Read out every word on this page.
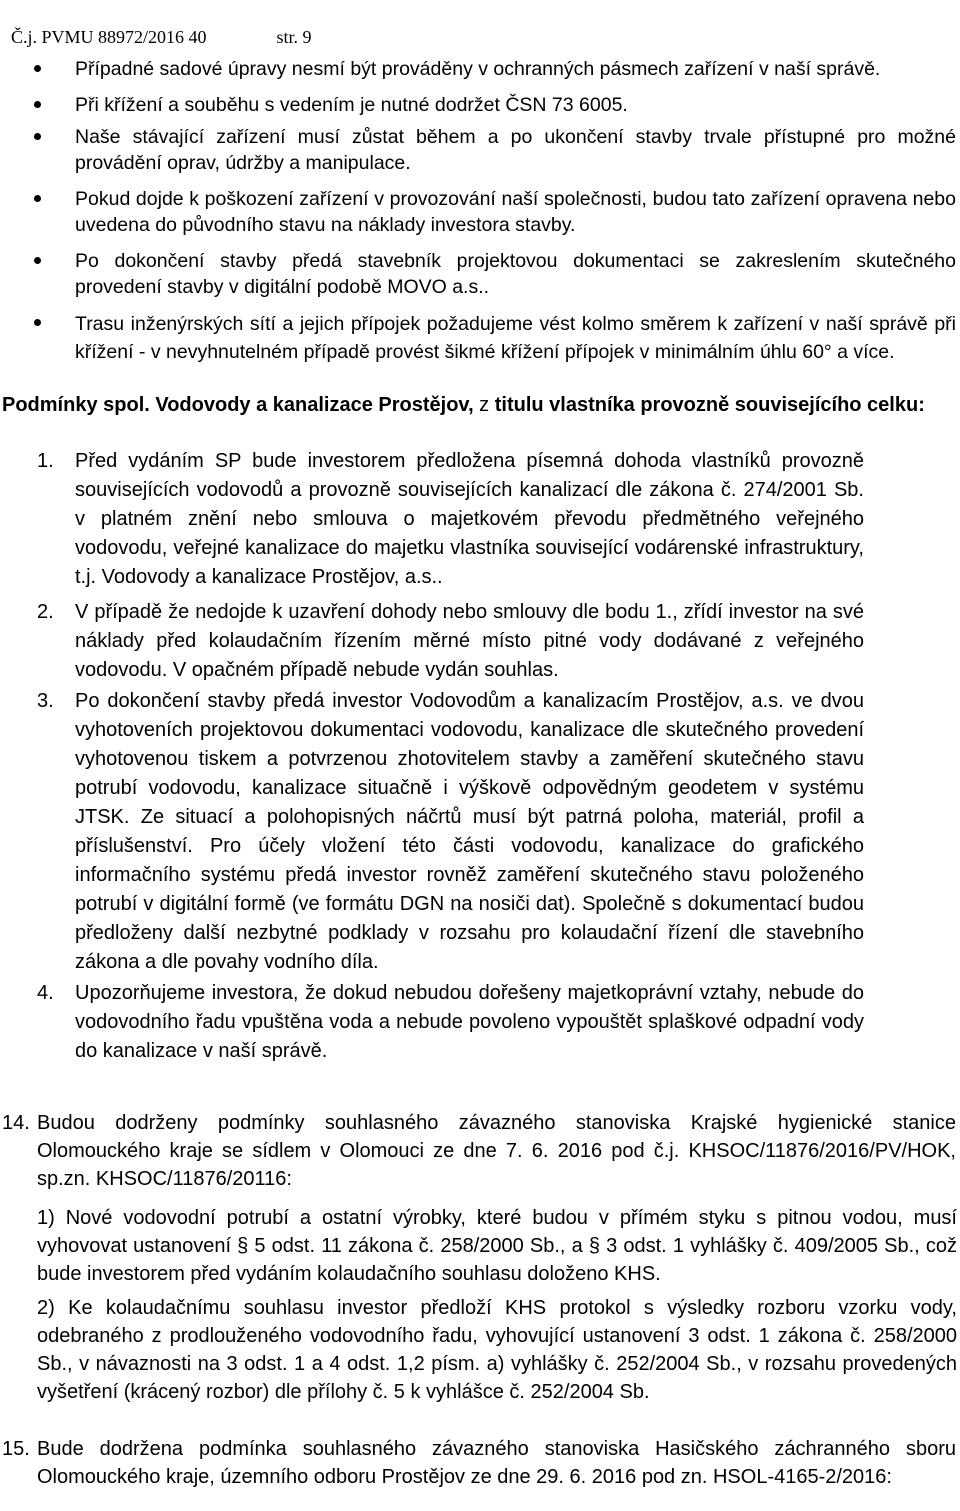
Č.j. PVMU 88972/2016 40	str. 9

Případné sadové úpravy nesmí být prováděny v ochranných pásmech zařízení v naší správě.
Při křížení a souběhu s vedením je nutné dodržet ČSN 73 6005.
Naše stávající zařízení musí zůstat během a po ukončení stavby trvale přístupné pro možné provádění oprav, údržby a manipulace.
Pokud dojde k poškození zařízení v provozování naší společnosti, budou tato zařízení opravena nebo uvedena do původního stavu na náklady investora stavby.
Po dokončení stavby předá stavebník projektovou dokumentaci se zakreslením skutečného provedení stavby v digitální podobě MOVO a.s..
Trasu inženýrských sítí a jejich přípojek požadujeme vést kolmo směrem k zařízení v naší správě při křížení - v nevyhnutelném případě provést šikmé křížení přípojek v minimálním úhlu 60° a více.
Podmínky spol. Vodovody a kanalizace Prostějov, z titulu vlastníka provozně souvisejícího celku:
1. Před vydáním SP bude investorem předložena písemná dohoda vlastníků provozně souvisejících vodovodů a provozně souvisejících kanalizací dle zákona č. 274/2001 Sb. v platném znění nebo smlouva o majetkovém převodu předmětného veřejného vodovodu, veřejné kanalizace do majetku vlastníka související vodárenské infrastruktury, t.j. Vodovody a kanalizace Prostějov, a.s..
2. V případě že nedojde k uzavření dohody nebo smlouvy dle bodu 1., zřídí investor na své náklady před kolaudačním řízením měrné místo pitné vody dodávané z veřejného vodovodu. V opačném případě nebude vydán souhlas.
3. Po dokončení stavby předá investor Vodovodům a kanalizacím Prostějov, a.s. ve dvou vyhotoveních projektovou dokumentaci vodovodu, kanalizace dle skutečného provedení vyhotovenou tiskem a potvrzenou zhotovitelem stavby a zaměření skutečného stavu potrubí vodovodu, kanalizace situačně i výškově odpovědným geodetem v systému JTSK. Ze situací a polohopisných náčrtů musí být patrná poloha, materiál, profil a příslušenství. Pro účely vložení této části vodovodu, kanalizace do grafického informačního systému předá investor rovněž zaměření skutečného stavu položeného potrubí v digitální formě (ve formátu DGN na nosiči dat). Společně s dokumentací budou předloženy další nezbytné podklady v rozsahu pro kolaudační řízení dle stavebního zákona a dle povahy vodního díla.
4. Upozorňujeme investora, že dokud nebudou dořešeny majetkoprávní vztahy, nebude do vodovodního řadu vpuštěna voda a nebude povoleno vypouštět splaškové odpadní vody do kanalizace v naší správě.
14. Budou dodrženy podmínky souhlasného závazného stanoviska Krajské hygienické stanice Olomouckého kraje se sídlem v Olomouci ze dne 7. 6. 2016 pod č.j. KHSOC/11876/2016/PV/HOK, sp.zn. KHSOC/11876/20116:
1) Nové vodovodní potrubí a ostatní výrobky, které budou v přímém styku s pitnou vodou, musí vyhovovat ustanovení § 5 odst. 11 zákona č. 258/2000 Sb., a § 3 odst. 1 vyhlášky č. 409/2005 Sb., což bude investorem před vydáním kolaudačního souhlasu doloženo KHS.
2) Ke kolaudačnímu souhlasu investor předloží KHS protokol s výsledky rozboru vzorku vody, odebraného z prodlouženého vodovodního řadu, vyhovující ustanovení 3 odst. 1 zákona č. 258/2000 Sb., v návaznosti na 3 odst. 1 a 4 odst. 1,2 písm. a) vyhlášky č. 252/2004 Sb., v rozsahu provedených vyšetření (krácený rozbor) dle přílohy č. 5 k vyhlášce č. 252/2004 Sb.
15. Bude dodržena podmínka souhlasného závazného stanoviska Hasičského záchranného sboru Olomouckého kraje, územního odboru Prostějov ze dne 29. 6. 2016 pod zn. HSOL-4165-2/2016:
